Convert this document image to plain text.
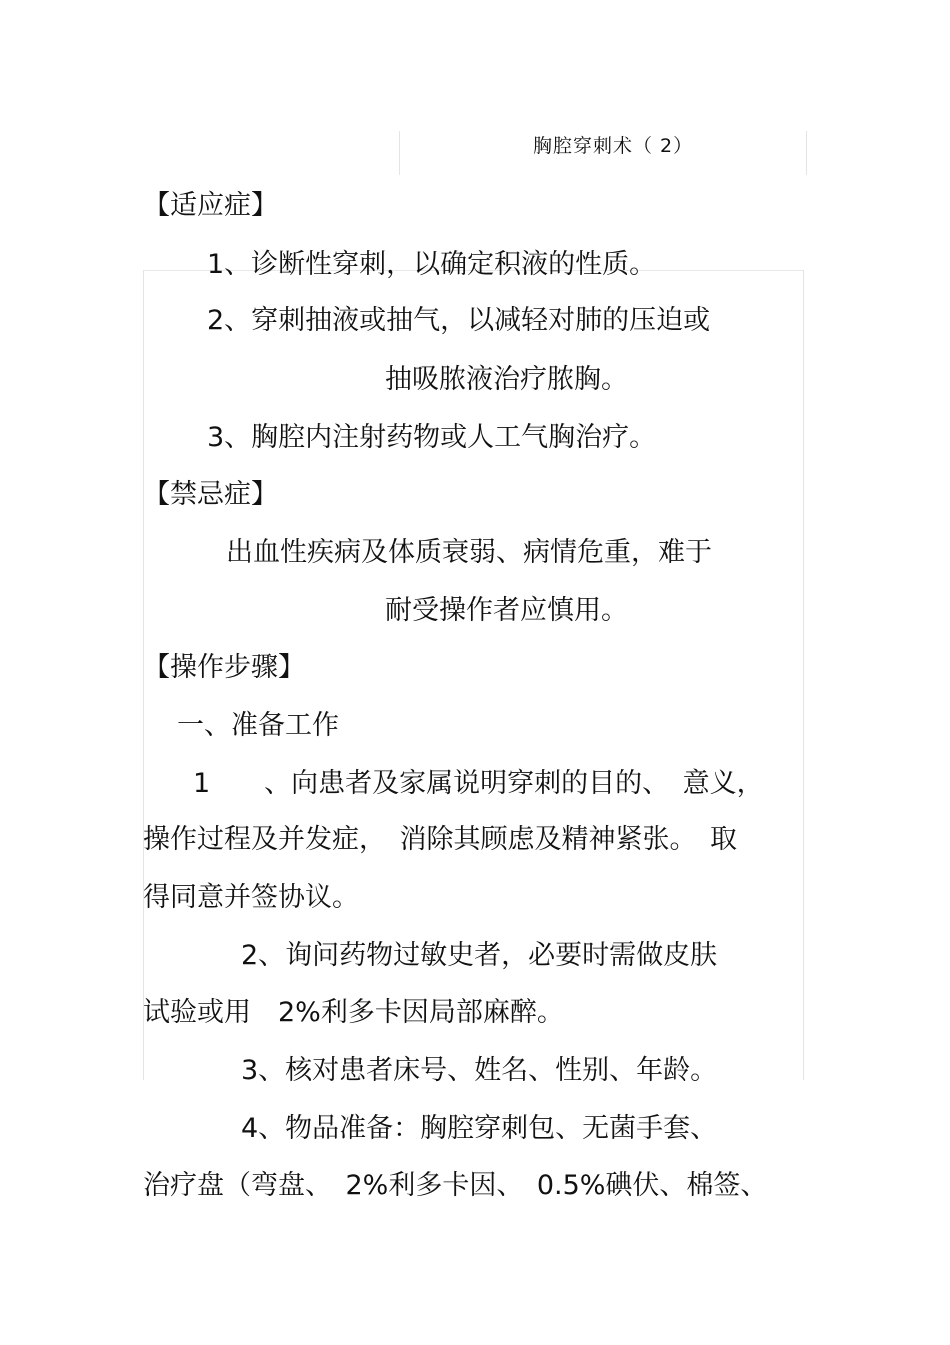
胸腔穿刺术（ 2）
【适应症】
1、诊断性穿刺，以确定积液的性质。
2、穿刺抽液或抽气，以减轻对肺的压迫或
抽吸脓液治疗脓胸。
3、胸腔内注射药物或人工气胸治疗。
【禁忌症】
出血性疾病及体质衰弱、病情危重，难于
耐受操作者应慎用。
【操作步骤】
一、准备工作
1　　、向患者及家属说明穿刺的目的、　意义，
操作过程及并发症，　消除其顾虑及精神紧张。　取
得同意并签协议。
2、询问药物过敏史者，必要时需做皮肤
试验或用　2%利多卡因局部麻醉。
3、核对患者床号、姓名、性别、年龄。
4、物品准备：胸腔穿刺包、无菌手套、
治疗盘（弯盘、　2%利多卡因、　0.5%碘伏、棉签、
